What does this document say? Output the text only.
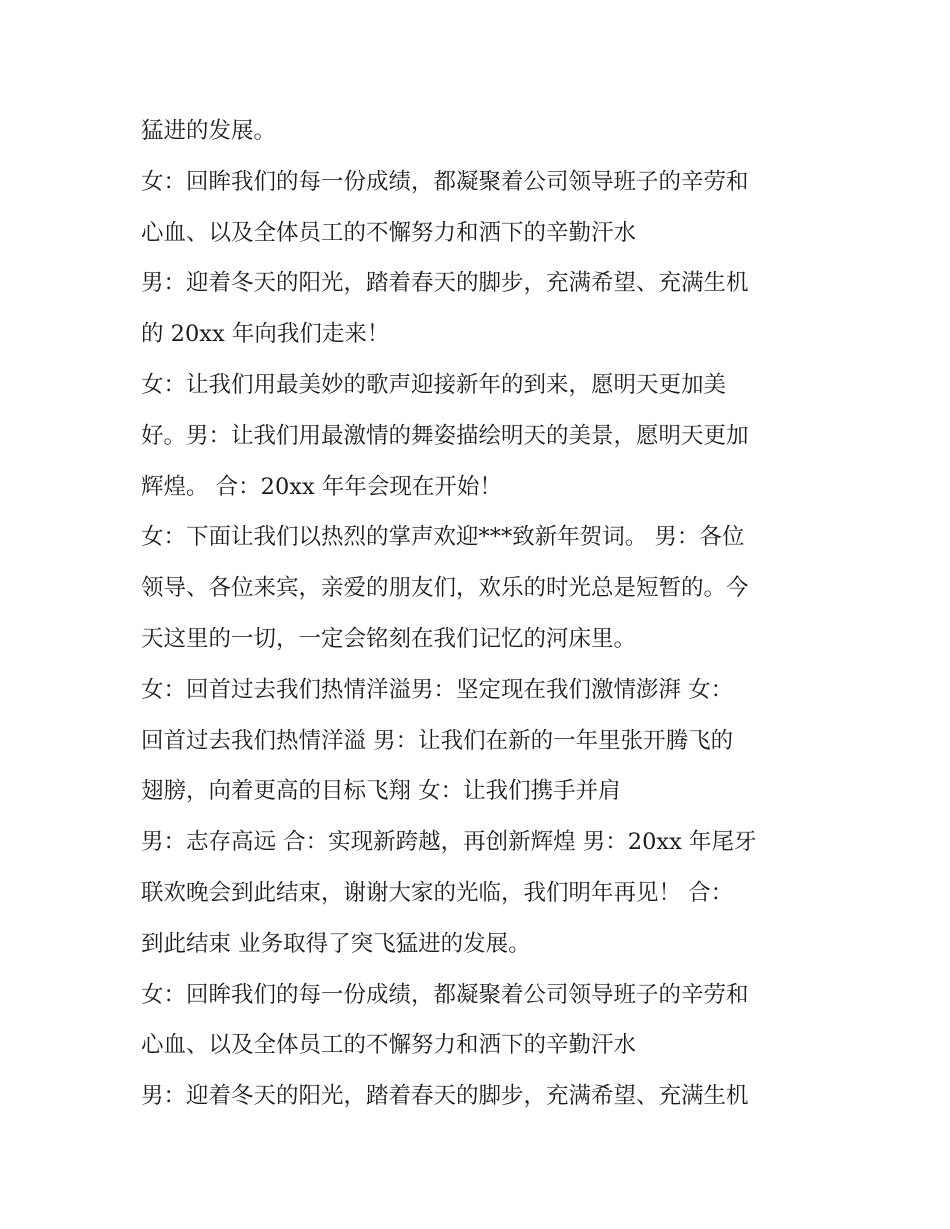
猛进的发展。
女：回眸我们的每一份成绩，都凝聚着公司领导班子的辛劳和
心血、以及全体员工的不懈努力和洒下的辛勤汗水
男：迎着冬天的阳光，踏着春天的脚步，充满希望、充满生机
的 20xx 年向我们走来！
女：让我们用最美妙的歌声迎接新年的到来，愿明天更加美
好。男：让我们用最激情的舞姿描绘明天的美景，愿明天更加
辉煌。 合：20xx 年年会现在开始！
女：下面让我们以热烈的掌声欢迎***致新年贺词。 男：各位
领导、各位来宾，亲爱的朋友们，欢乐的时光总是短暂的。今
天这里的一切，一定会铭刻在我们记忆的河床里。
女：回首过去我们热情洋溢男：坚定现在我们激情澎湃 女：
回首过去我们热情洋溢 男：让我们在新的一年里张开腾飞的
翅膀，向着更高的目标飞翔 女：让我们携手并肩
男：志存高远 合：实现新跨越，再创新辉煌 男：20xx 年尾牙
联欢晚会到此结束，谢谢大家的光临，我们明年再见！ 合：
到此结束 业务取得了突飞猛进的发展。
女：回眸我们的每一份成绩，都凝聚着公司领导班子的辛劳和
心血、以及全体员工的不懈努力和洒下的辛勤汗水
男：迎着冬天的阳光，踏着春天的脚步，充满希望、充满生机
